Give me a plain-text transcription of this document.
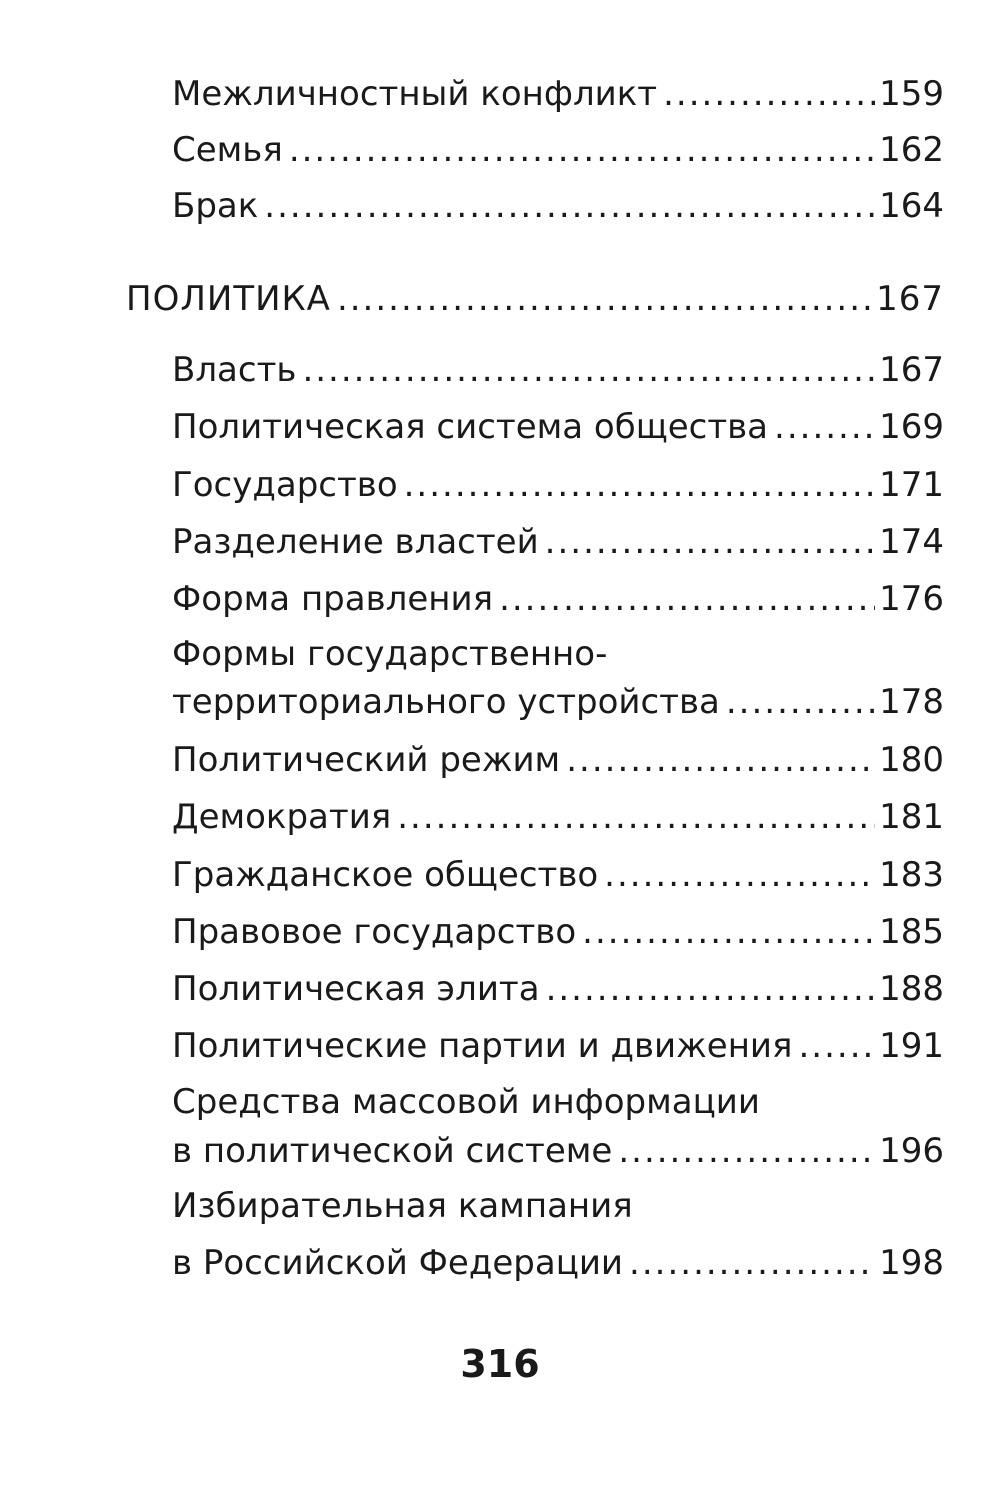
Межличностный конфликт .....	159
Семья .....	162
Брак .....	164
ПОЛИТИКА .....	167
Власть .....	167
Политическая система общества .....	169
Государство .....	171
Разделение властей .....	174
Форма правления .....	176
Формы государственно-
территориального устройства .....	178
Политический режим .....	180
Демократия .....	181
Гражданское общество .....	183
Правовое государство .....	185
Политическая элита .....	188
Политические партии и движения .....	191
Средства массовой информации
в политической системе .....	196
Избирательная кампания
в Российской Федерации .....	198
316
